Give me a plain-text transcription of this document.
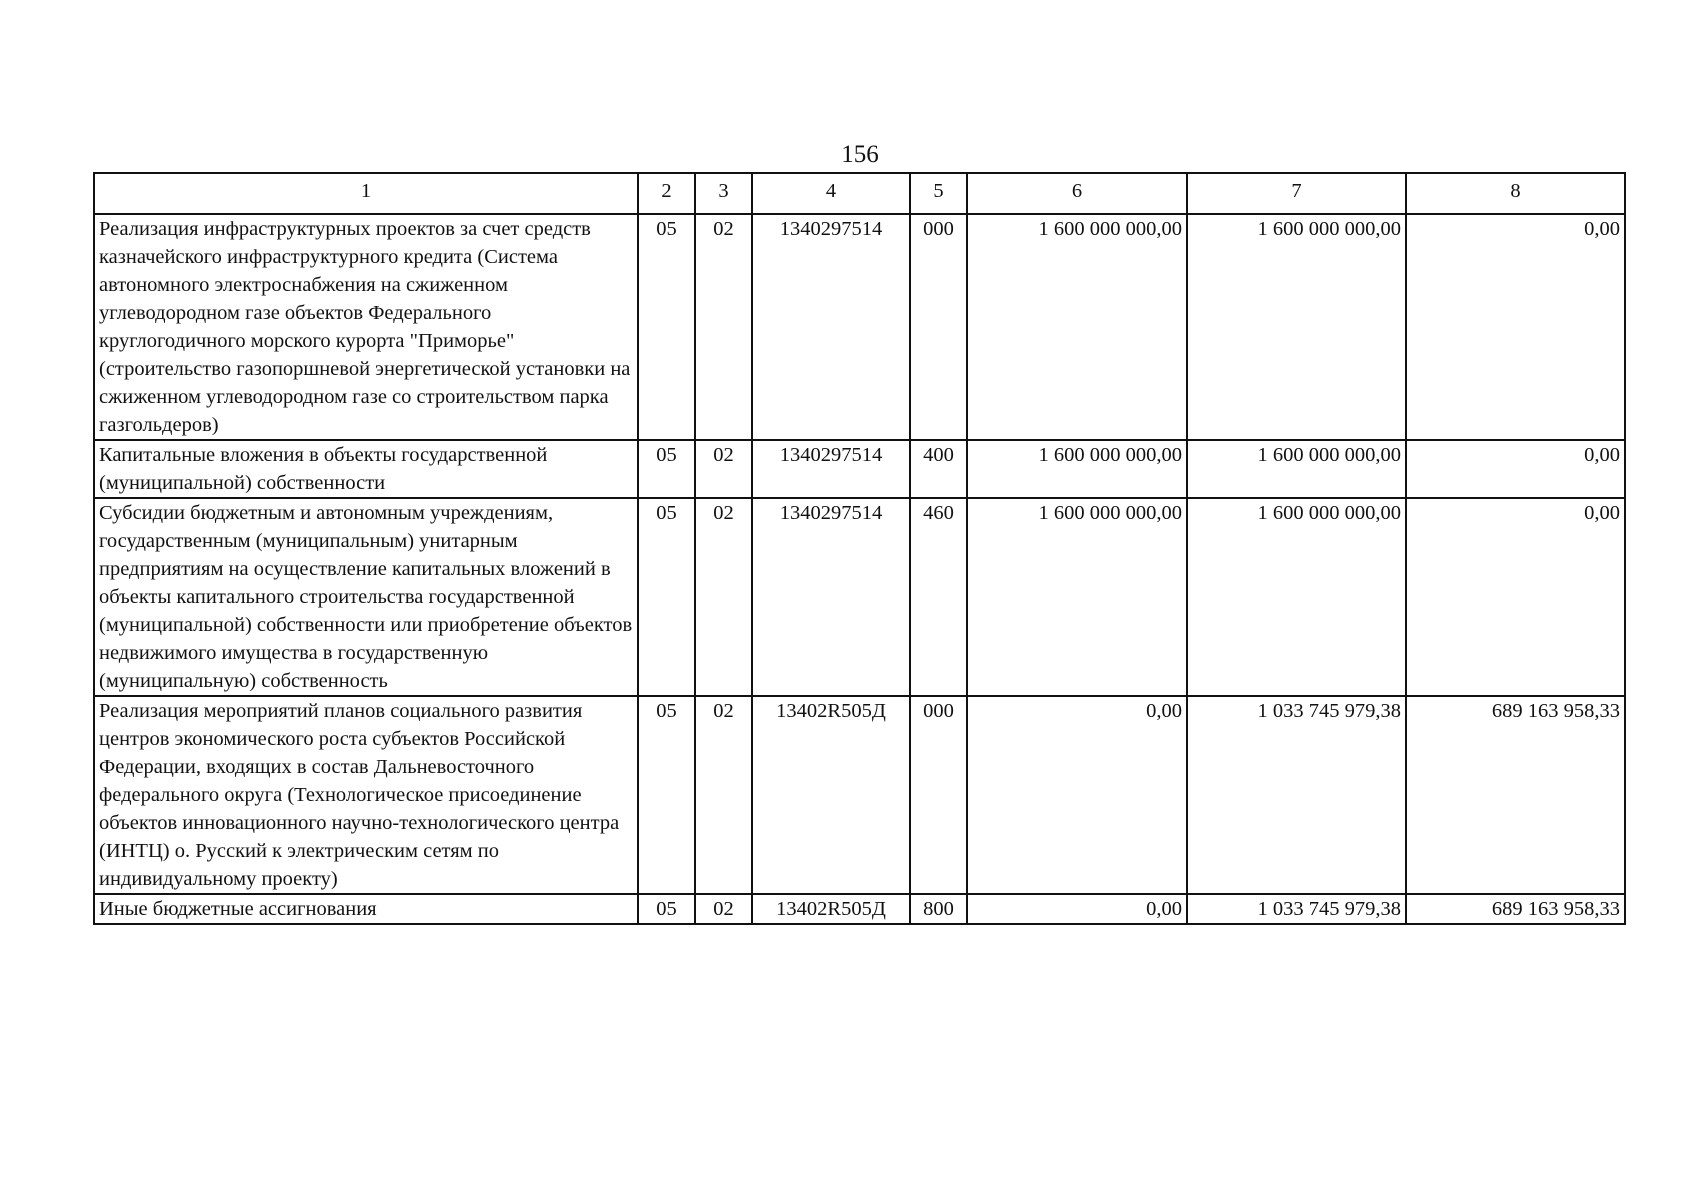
156
1	2	3	4	5	6	7	8
Реализация инфраструктурных проектов за счет средств казначейского инфраструктурного кредита (Система автономного электроснабжения на сжиженном углеводородном газе объектов Федерального круглогодичного морского курорта "Приморье" (строительство газопоршневой энергетической установки на сжиженном углеводородном газе со строительством парка газгольдеров)	05	02	1340297514	000	1 600 000 000,00	1 600 000 000,00	0,00
Капитальные вложения в объекты государственной (муниципальной) собственности	05	02	1340297514	400	1 600 000 000,00	1 600 000 000,00	0,00
Субсидии бюджетным и автономным учреждениям, государственным (муниципальным) унитарным предприятиям на осуществление капитальных вложений в объекты капитального строительства государственной (муниципальной) собственности или приобретение объектов недвижимого имущества в государственную (муниципальную) собственность	05	02	1340297514	460	1 600 000 000,00	1 600 000 000,00	0,00
Реализация мероприятий планов социального развития центров экономического роста субъектов Российской Федерации, входящих в состав Дальневосточного федерального округа (Технологическое присоединение объектов инновационного научно-технологического центра (ИНТЦ) о. Русский к электрическим сетям по индивидуальному проекту)	05	02	13402R505Д	000	0,00	1 033 745 979,38	689 163 958,33
Иные бюджетные ассигнования	05	02	13402R505Д	800	0,00	1 033 745 979,38	689 163 958,33
